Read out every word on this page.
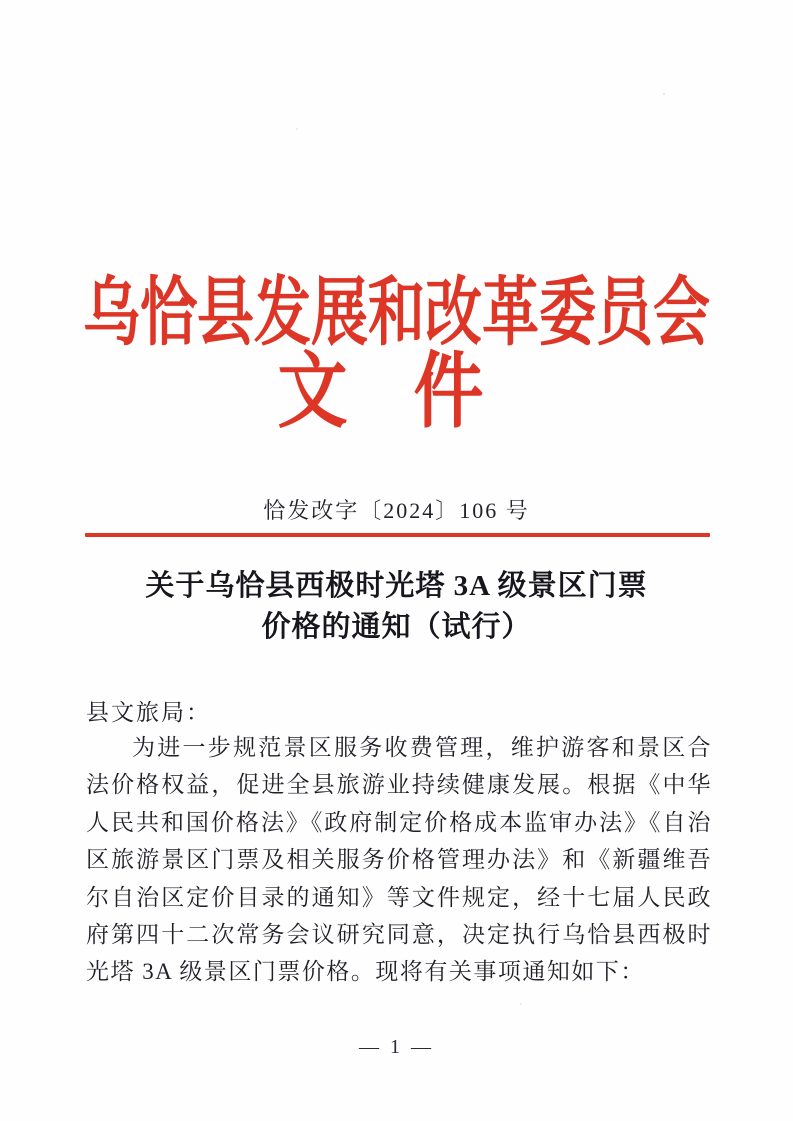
乌恰县发展和改革委员会
文 件
恰发改字〔2024〕106 号
关于乌恰县西极时光塔 3A 级景区门票
价格的通知（试行）
县文旅局：

为进一步规范景区服务收费管理，维护游客和景区合法价格权益，促进全县旅游业持续健康发展。根据《中华人民共和国价格法》《政府制定价格成本监审办法》《自治区旅游景区门票及相关服务价格管理办法》和《新疆维吾尔自治区定价目录的通知》等文件规定，经十七届人民政府第四十二次常务会议研究同意，决定执行乌恰县西极时光塔 3A 级景区门票价格。现将有关事项通知如下：

— 1 —
